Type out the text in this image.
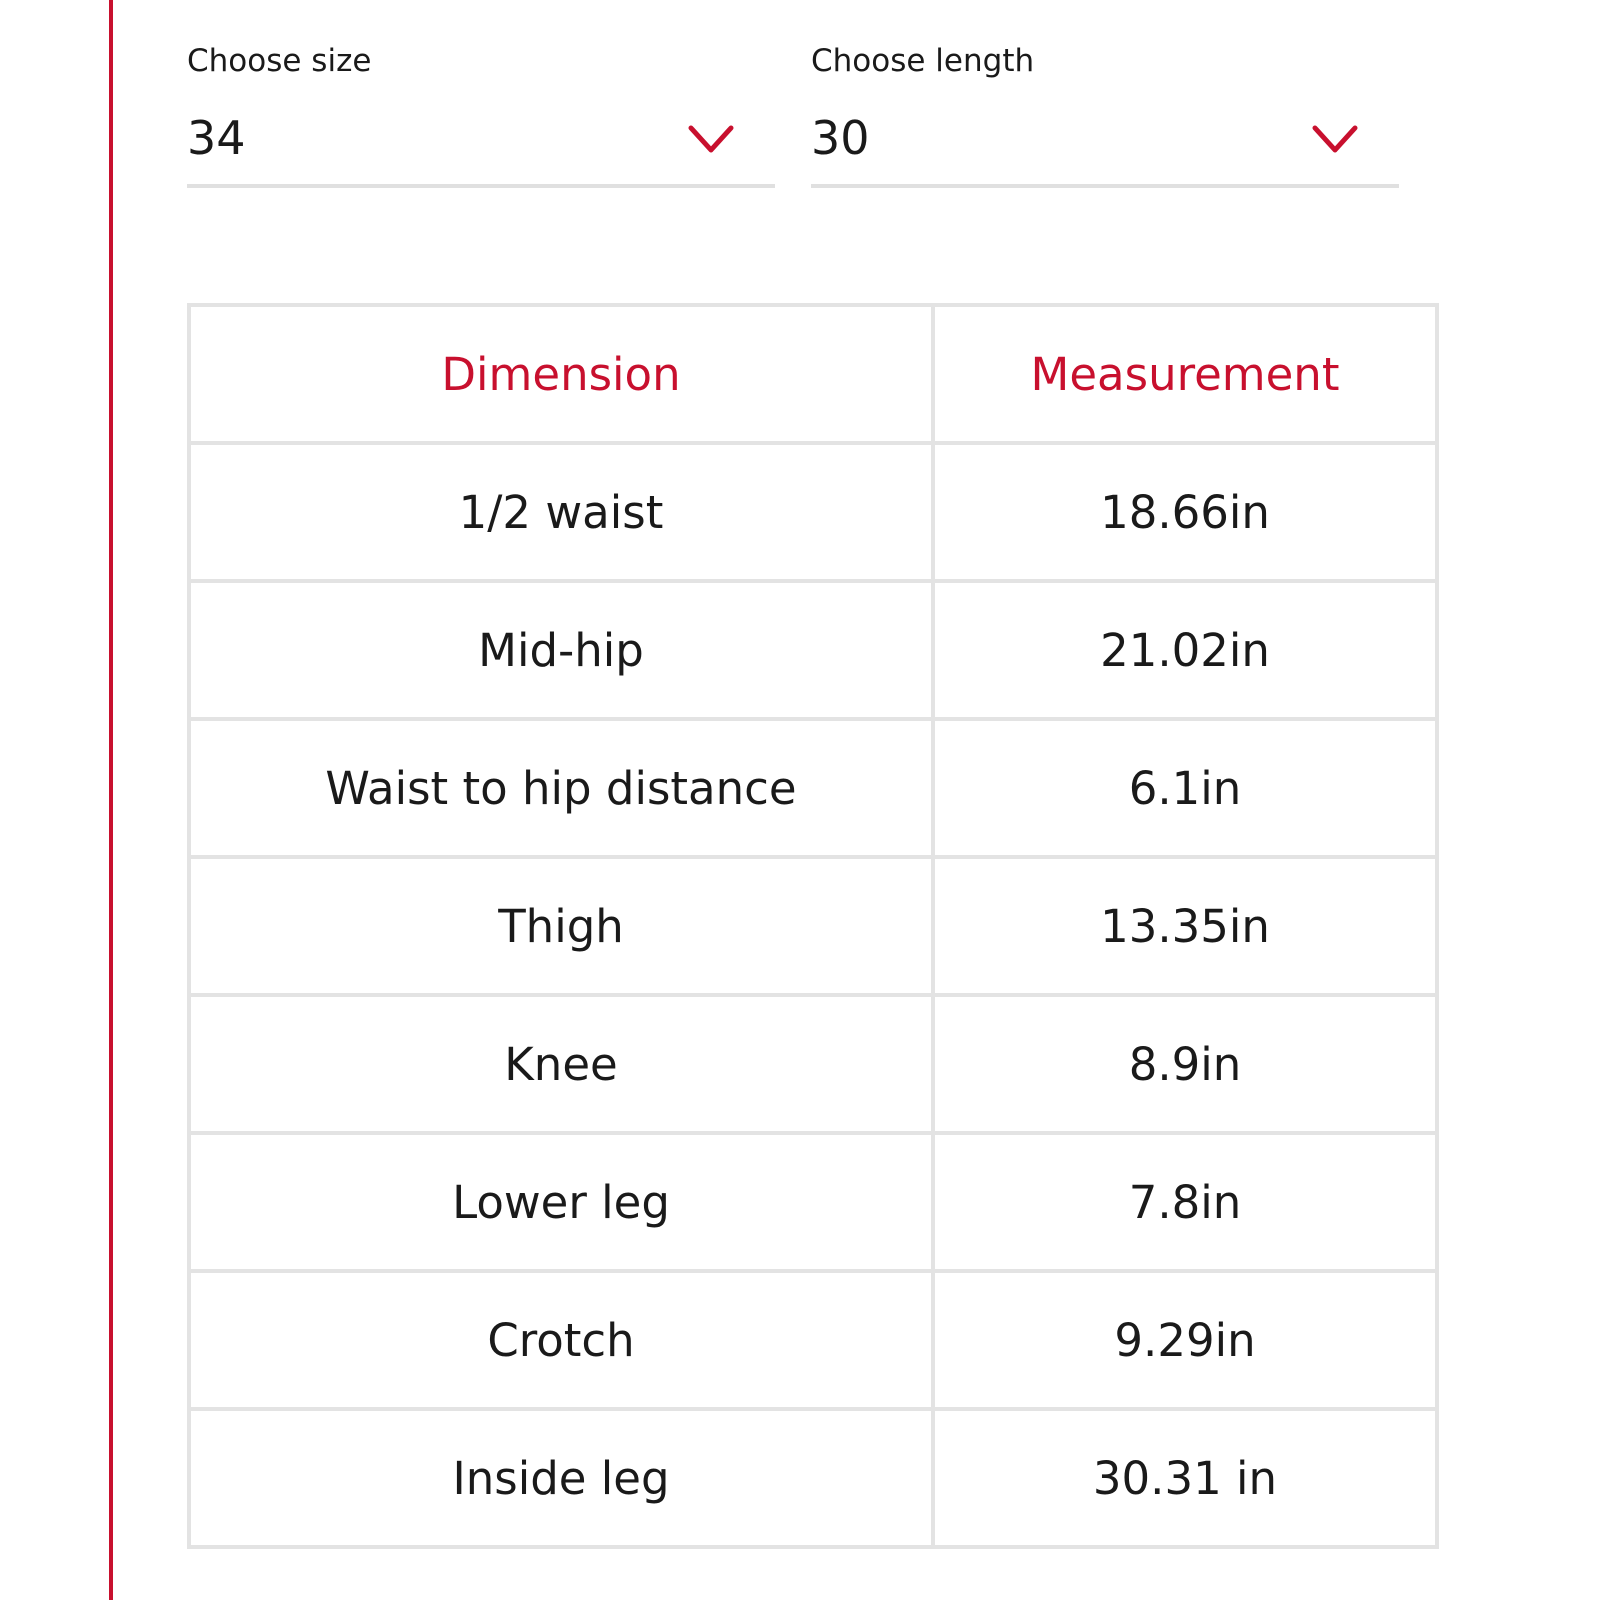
Choose size
34
Choose length
30
Dimension	Measurement
1/2 waist	18.66in
Mid-hip	21.02in
Waist to hip distance	6.1in
Thigh	13.35in
Knee	8.9in
Lower leg	7.8in
Crotch	9.29in
Inside leg	30.31 in
